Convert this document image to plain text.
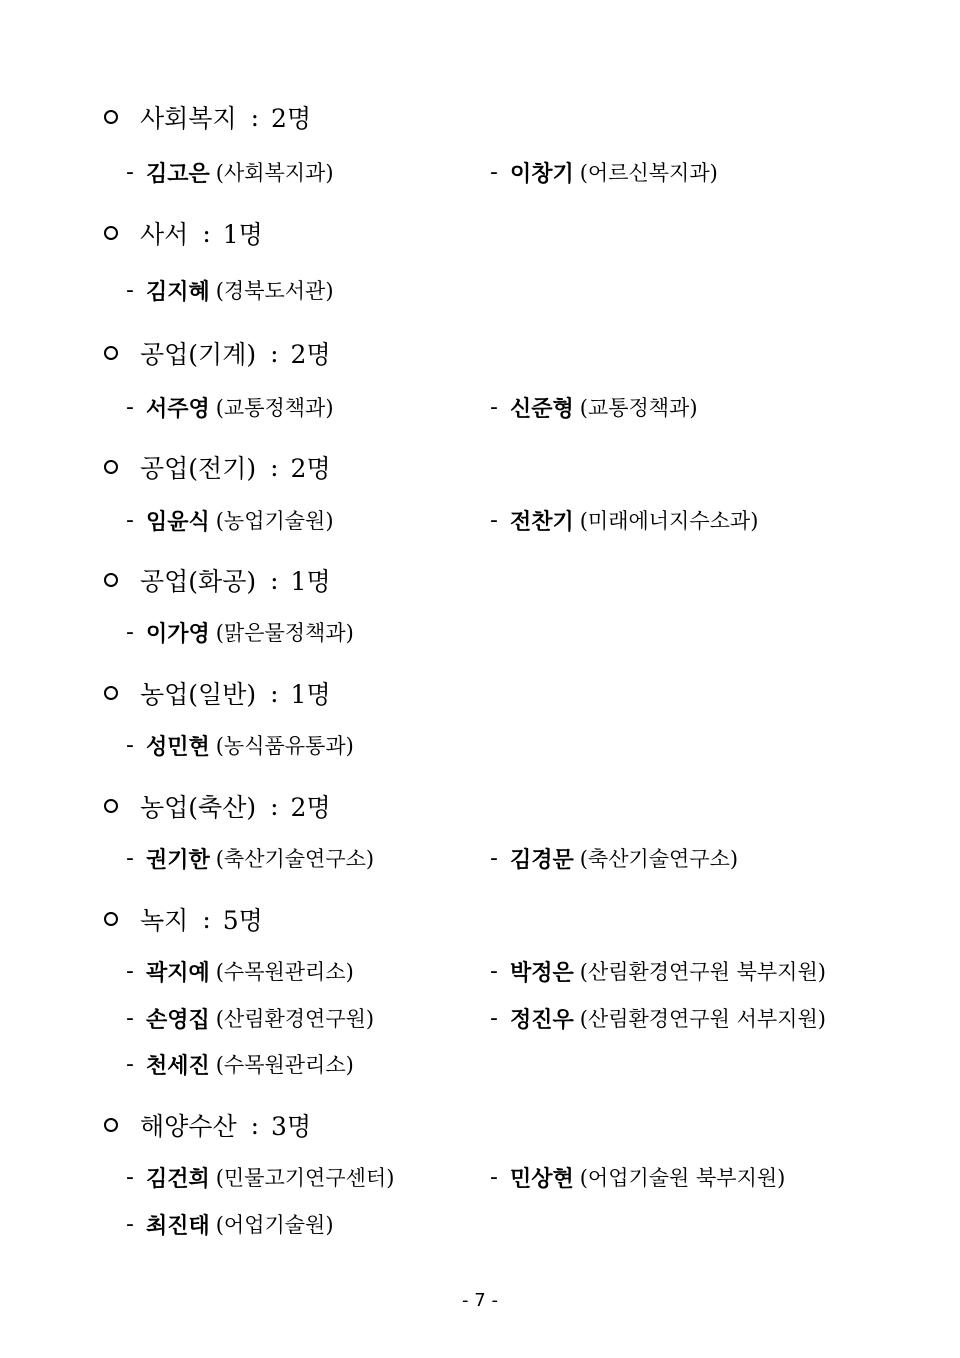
사회복지 : 2명
- 김고은 (사회복지과)	- 이창기 (어르신복지과)
사서 : 1명
- 김지혜 (경북도서관)
공업(기계) : 2명
- 서주영 (교통정책과)	- 신준형 (교통정책과)
공업(전기) : 2명
- 임윤식 (농업기술원)	- 전찬기 (미래에너지수소과)
공업(화공) : 1명
- 이가영 (맑은물정책과)
농업(일반) : 1명
- 성민현 (농식품유통과)
농업(축산) : 2명
- 권기한 (축산기술연구소)	- 김경문 (축산기술연구소)
녹지 : 5명
- 곽지예 (수목원관리소)	- 박정은 (산림환경연구원 북부지원)
- 손영집 (산림환경연구원)	- 정진우 (산림환경연구원 서부지원)
- 천세진 (수목원관리소)
해양수산 : 3명
- 김건희 (민물고기연구센터)	- 민상현 (어업기술원 북부지원)
- 최진태 (어업기술원)
- 7 -
